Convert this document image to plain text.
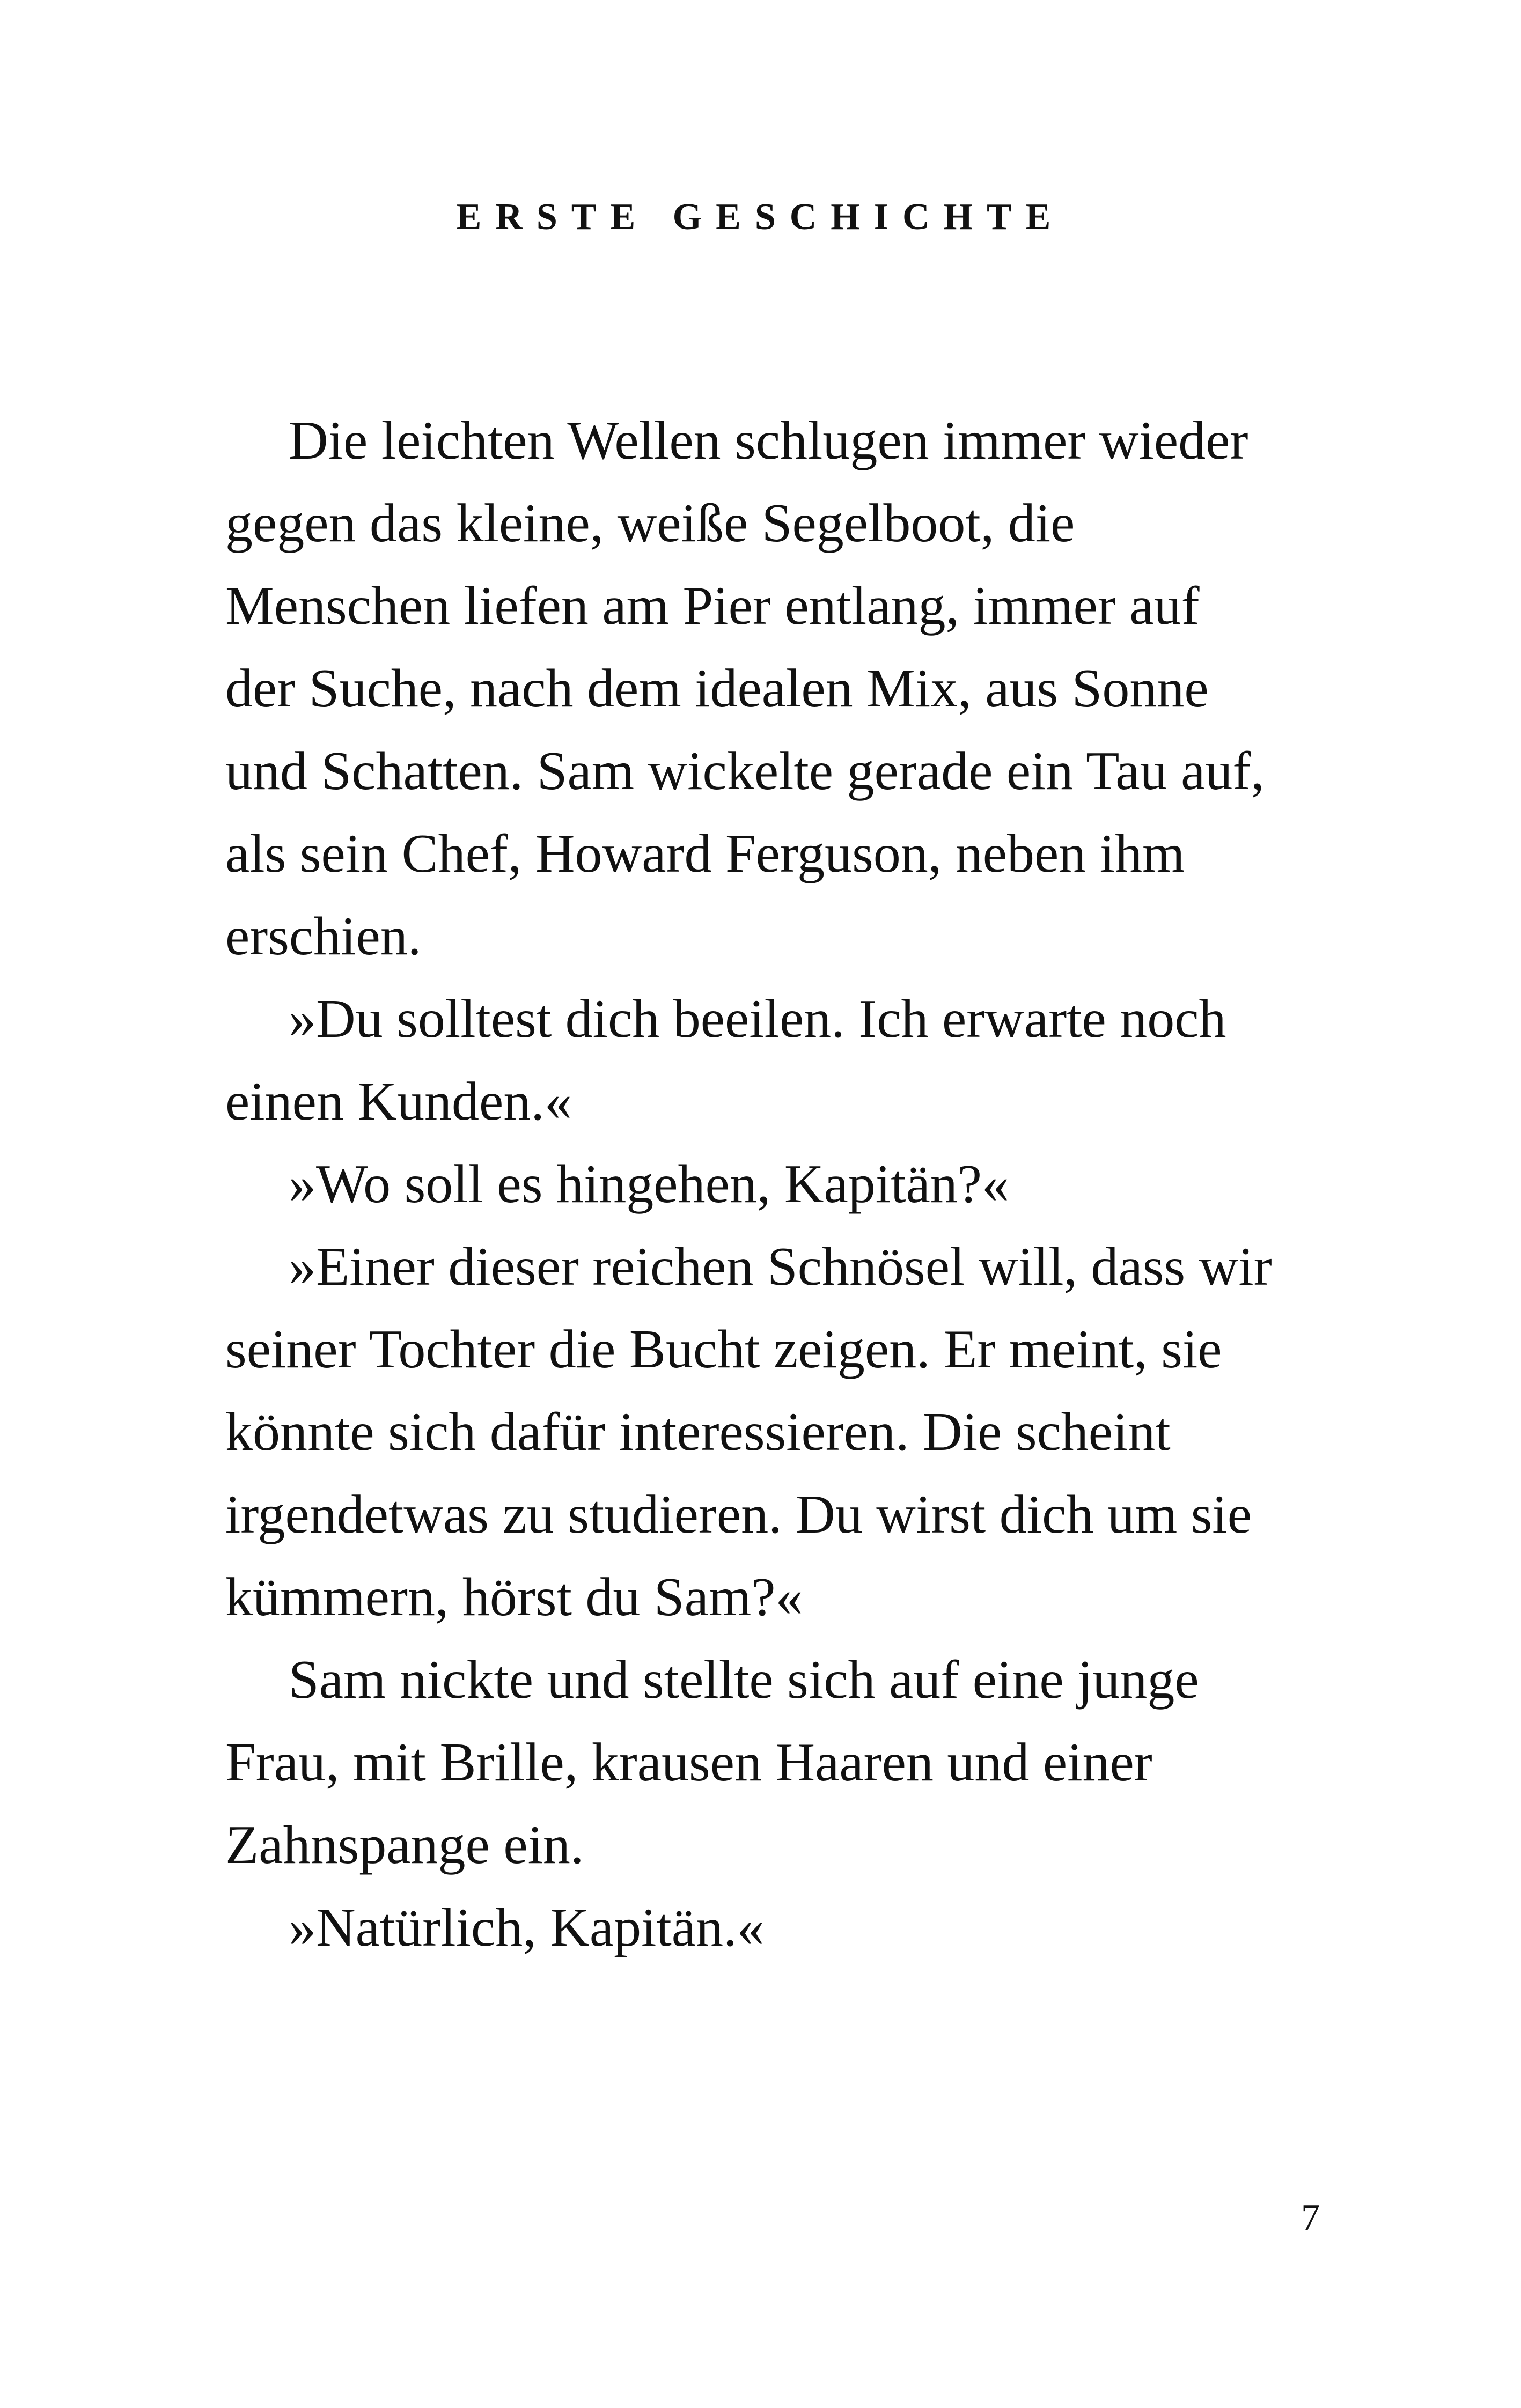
ERSTE GESCHICHTE

Die leichten Wellen schlugen immer wieder
gegen das kleine, weiße Segelboot, die
Menschen liefen am Pier entlang, immer auf
der Suche, nach dem idealen Mix, aus Sonne
und Schatten. Sam wickelte gerade ein Tau auf,
als sein Chef, Howard Ferguson, neben ihm
erschien.

»Du solltest dich beeilen. Ich erwarte noch
einen Kunden.«

»Wo soll es hingehen, Kapitän?«

»Einer dieser reichen Schnösel will, dass wir
seiner Tochter die Bucht zeigen. Er meint, sie
könnte sich dafür interessieren. Die scheint
irgendetwas zu studieren. Du wirst dich um sie
kümmern, hörst du Sam?«

Sam nickte und stellte sich auf eine junge
Frau, mit Brille, krausen Haaren und einer
Zahnspange ein.

»Natürlich, Kapitän.«

7
